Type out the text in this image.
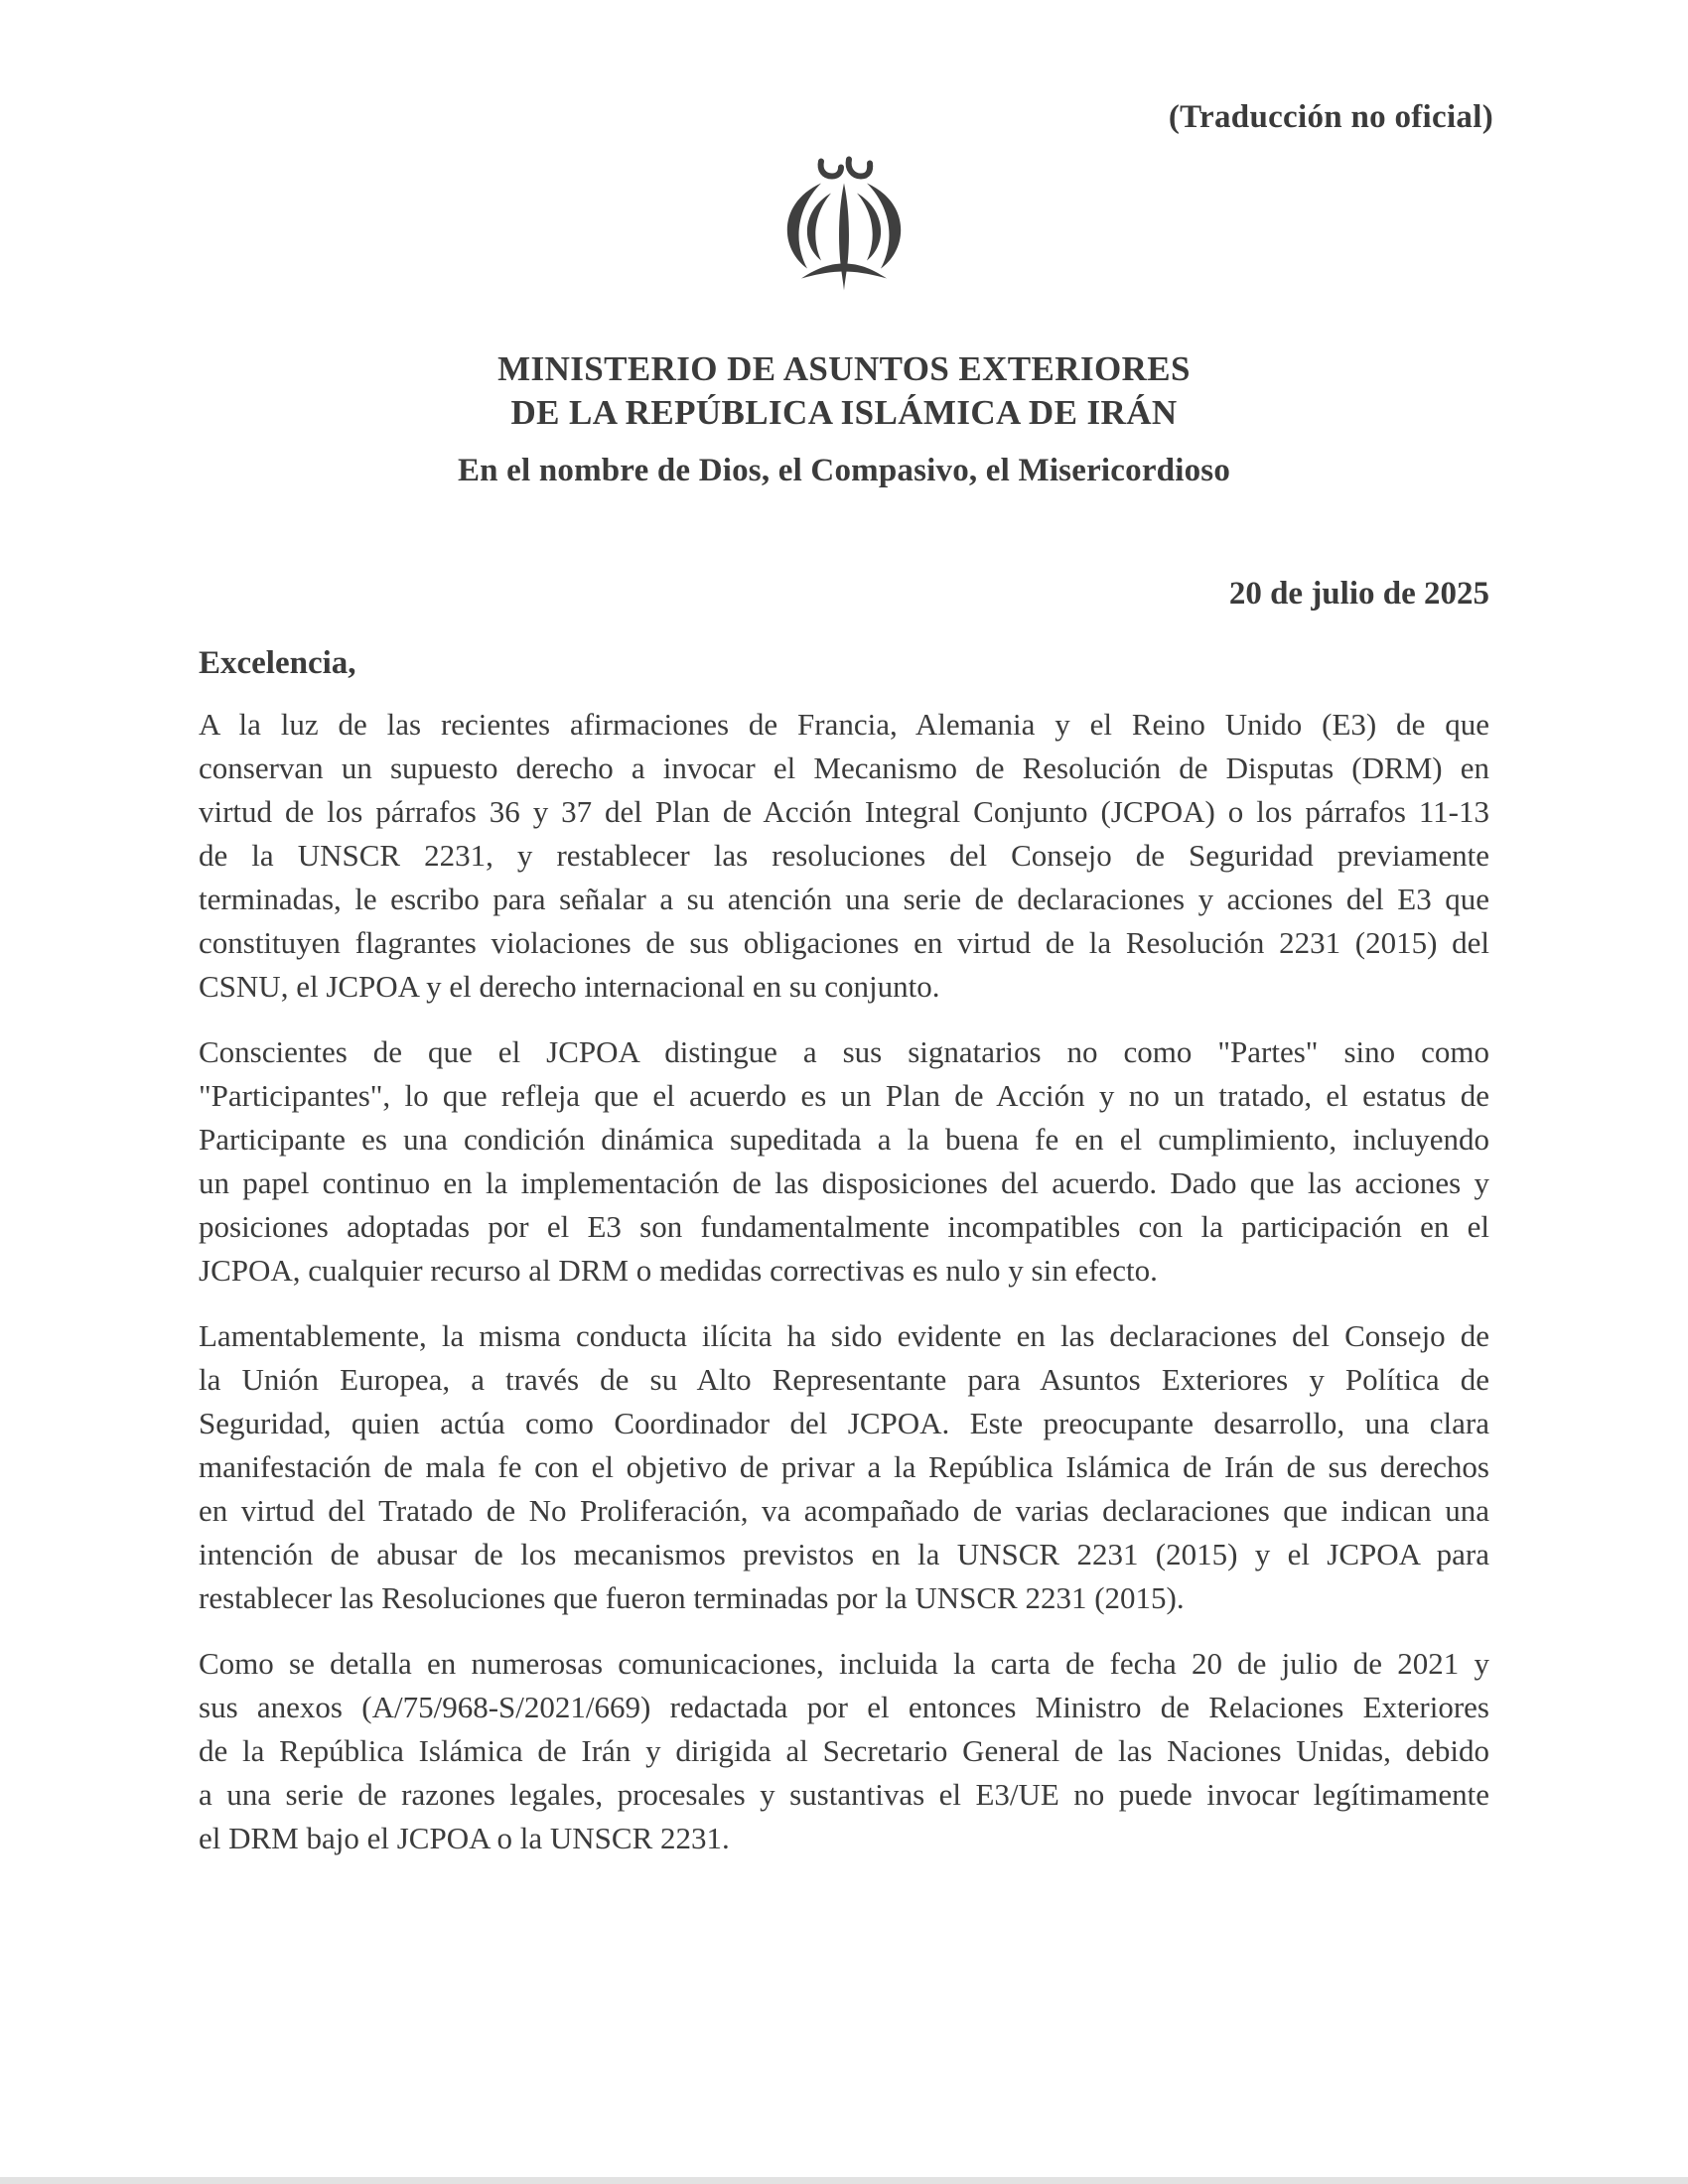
(Traducción no oficial)
MINISTERIO DE ASUNTOS EXTERIORES
DE LA REPÚBLICA ISLÁMICA DE IRÁN
En el nombre de Dios, el Compasivo, el Misericordioso
20 de julio de 2025
Excelencia,
A la luz de las recientes afirmaciones de Francia, Alemania y el Reino Unido (E3) de que
conservan un supuesto derecho a invocar el Mecanismo de Resolución de Disputas (DRM) en
virtud de los párrafos 36 y 37 del Plan de Acción Integral Conjunto (JCPOA) o los párrafos 11-13
de la UNSCR 2231, y restablecer las resoluciones del Consejo de Seguridad previamente
terminadas, le escribo para señalar a su atención una serie de declaraciones y acciones del E3 que
constituyen flagrantes violaciones de sus obligaciones en virtud de la Resolución 2231 (2015) del
CSNU, el JCPOA y el derecho internacional en su conjunto.
Conscientes de que el JCPOA distingue a sus signatarios no como "Partes" sino como
"Participantes", lo que refleja que el acuerdo es un Plan de Acción y no un tratado, el estatus de
Participante es una condición dinámica supeditada a la buena fe en el cumplimiento, incluyendo
un papel continuo en la implementación de las disposiciones del acuerdo. Dado que las acciones y
posiciones adoptadas por el E3 son fundamentalmente incompatibles con la participación en el
JCPOA, cualquier recurso al DRM o medidas correctivas es nulo y sin efecto.
Lamentablemente, la misma conducta ilícita ha sido evidente en las declaraciones del Consejo de
la Unión Europea, a través de su Alto Representante para Asuntos Exteriores y Política de
Seguridad, quien actúa como Coordinador del JCPOA. Este preocupante desarrollo, una clara
manifestación de mala fe con el objetivo de privar a la República Islámica de Irán de sus derechos
en virtud del Tratado de No Proliferación, va acompañado de varias declaraciones que indican una
intención de abusar de los mecanismos previstos en la UNSCR 2231 (2015) y el JCPOA para
restablecer las Resoluciones que fueron terminadas por la UNSCR 2231 (2015).
Como se detalla en numerosas comunicaciones, incluida la carta de fecha 20 de julio de 2021 y
sus anexos (A/75/968-S/2021/669) redactada por el entonces Ministro de Relaciones Exteriores
de la República Islámica de Irán y dirigida al Secretario General de las Naciones Unidas, debido
a una serie de razones legales, procesales y sustantivas el E3/UE no puede invocar legítimamente
el DRM bajo el JCPOA o la UNSCR 2231.
